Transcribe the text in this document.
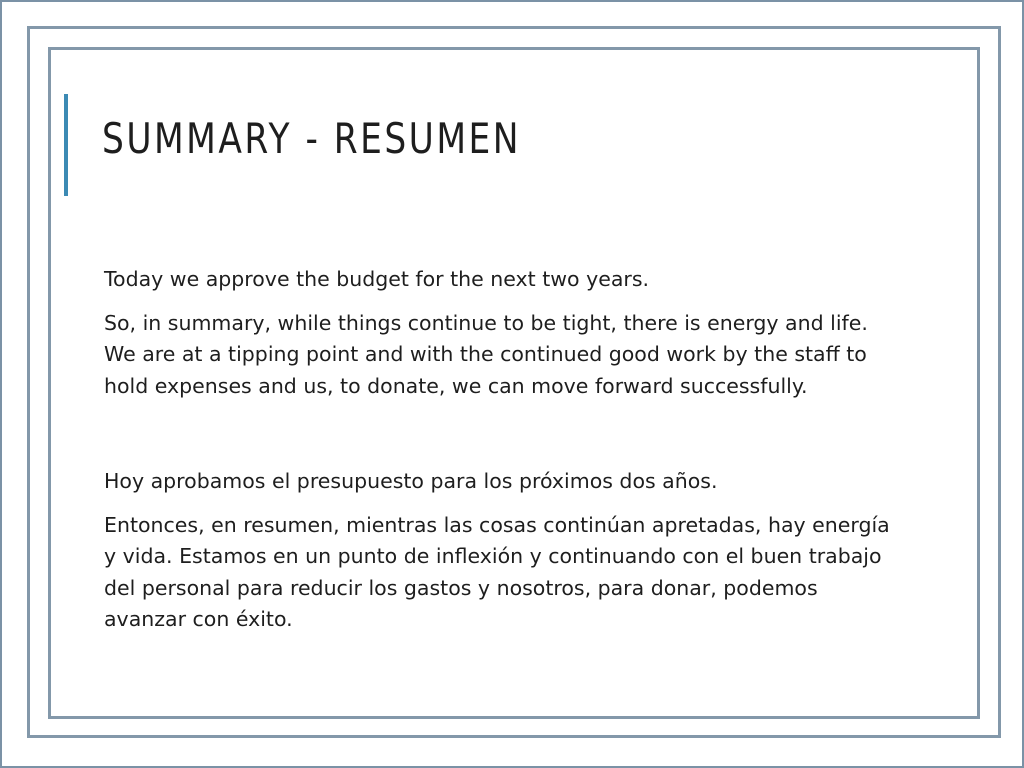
SUMMARY - RESUMEN

Today we approve the budget for the next two years.

So, in summary, while things continue to be tight, there is energy and life. We are at a tipping point and with the continued good work by the staff to hold expenses and us, to donate, we can move forward successfully.

Hoy aprobamos el presupuesto para los próximos dos años.

Entonces, en resumen, mientras las cosas continúan apretadas, hay energía y vida. Estamos en un punto de inflexión y continuando con el buen trabajo del personal para reducir los gastos y nosotros, para donar, podemos avanzar con éxito.
